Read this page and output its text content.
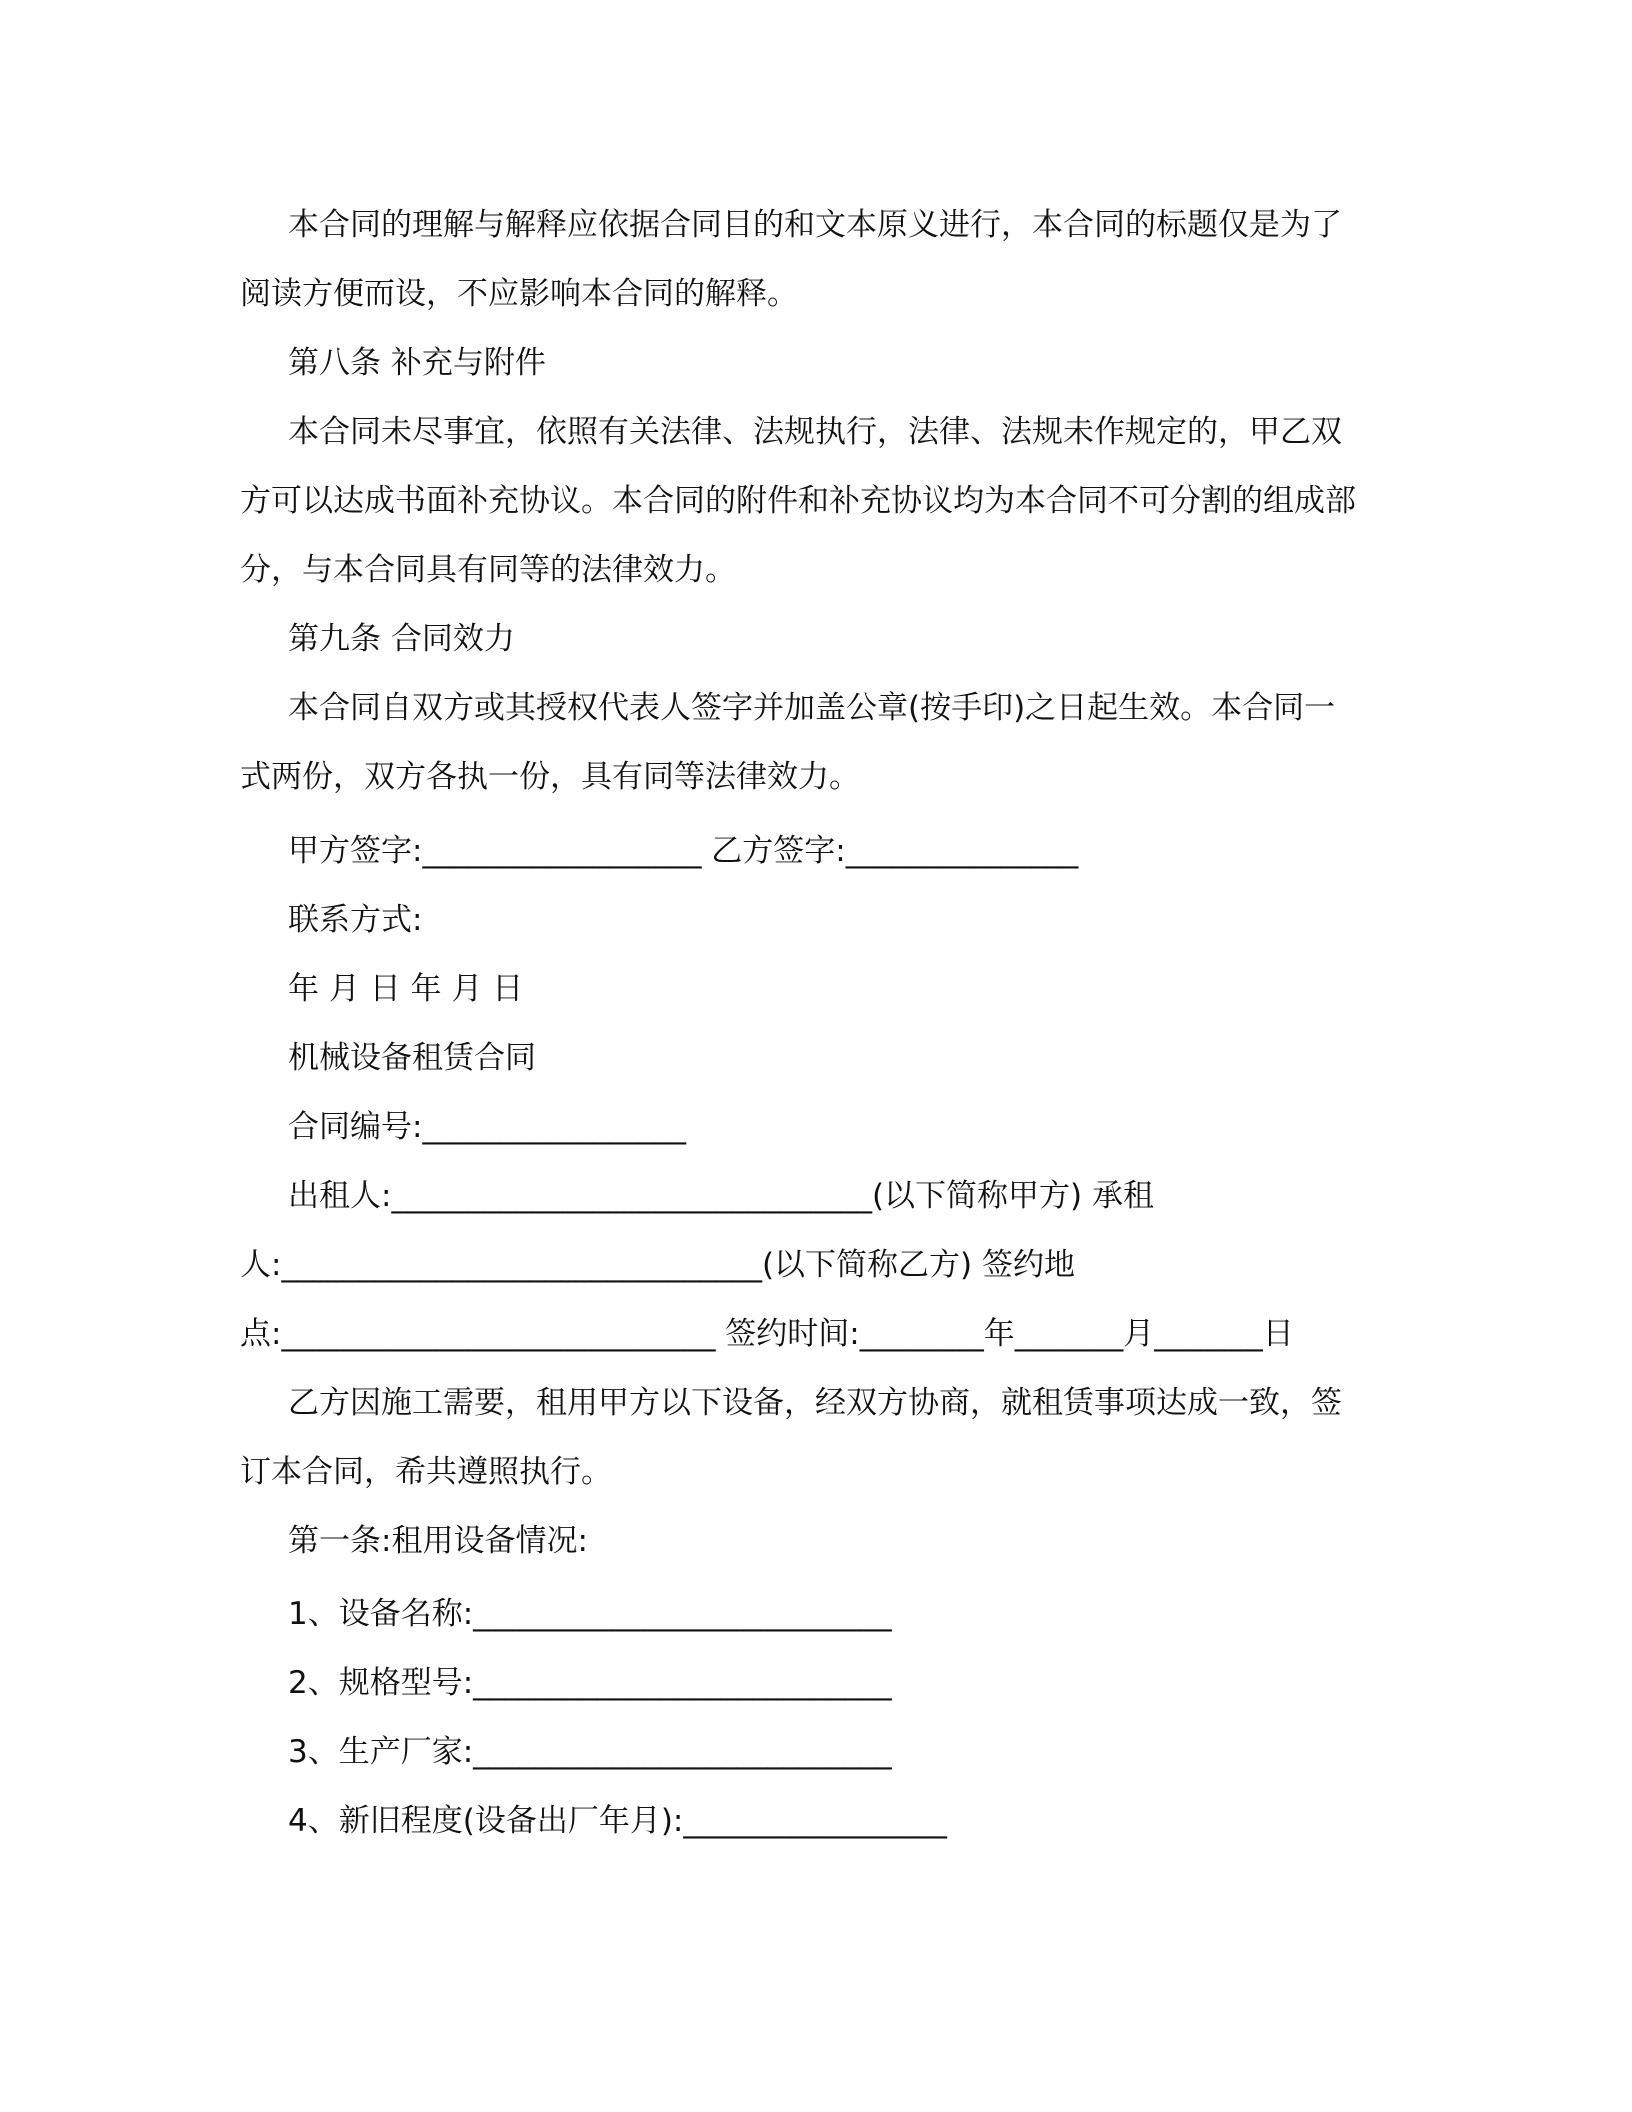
本合同的理解与解释应依据合同目的和文本原义进行，本合同的标题仅是为了
阅读方便而设，不应影响本合同的解释。
第八条 补充与附件
本合同未尽事宜，依照有关法律、法规执行，法律、法规未作规定的，甲乙双
方可以达成书面补充协议。本合同的附件和补充协议均为本合同不可分割的组成部
分，与本合同具有同等的法律效力。
第九条 合同效力
本合同自双方或其授权代表人签字并加盖公章(按手印)之日起生效。本合同一
式两份，双方各执一份，具有同等法律效力。
甲方签字:__________________ 乙方签字:_______________
联系方式:
年 月 日 年 月 日
机械设备租赁合同
合同编号:_________________
出租人:_______________________________(以下简称甲方) 承租
人:_______________________________(以下简称乙方) 签约地
点:____________________________ 签约时间:________年_______月_______日
乙方因施工需要，租用甲方以下设备，经双方协商，就租赁事项达成一致，签
订本合同，希共遵照执行。
第一条:租用设备情况:
1、设备名称:___________________________
2、规格型号:___________________________
3、生产厂家:___________________________
4、新旧程度(设备出厂年月):_________________
